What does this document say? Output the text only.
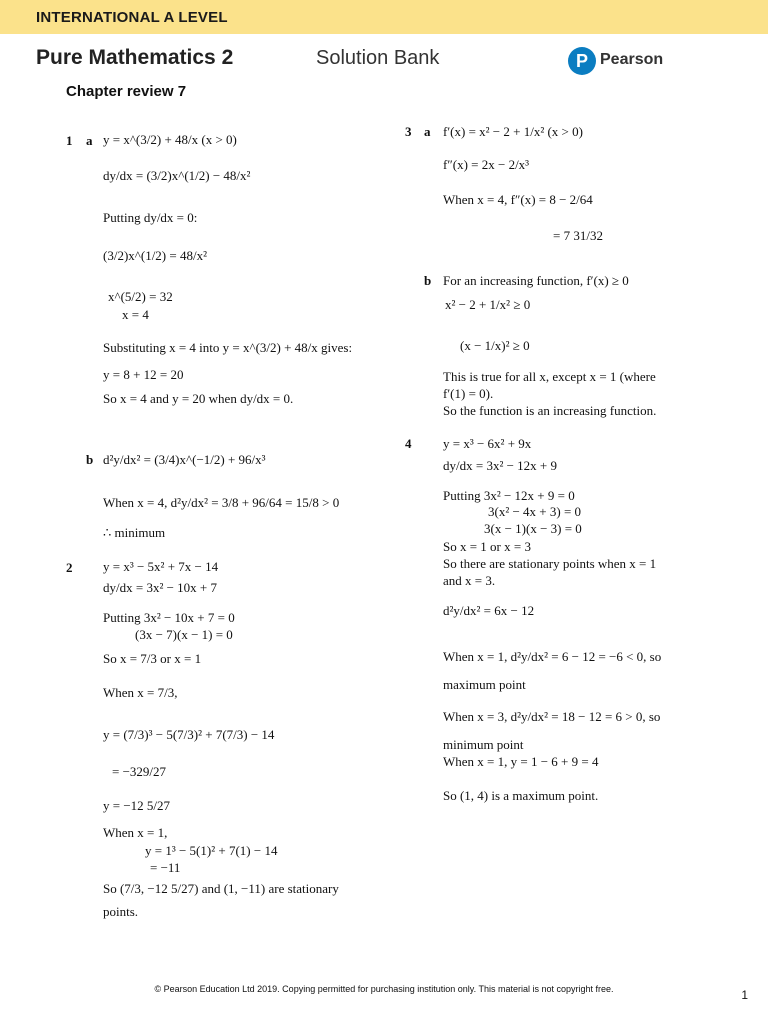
INTERNATIONAL A LEVEL
Pure Mathematics 2	Solution Bank	P Pearson
Chapter review 7
1 a y = x^(3/2) + 48/x (x > 0)
dy/dx = (3/2)x^(1/2) − 48/x²
Putting dy/dx = 0:
(3/2)x^(1/2) = 48/x²
x^(5/2) = 32
x = 4
Substituting x = 4 into y = x^(3/2) + 48/x gives:
y = 8 + 12 = 20
So x = 4 and y = 20 when dy/dx = 0.
b d²y/dx² = (3/4)x^(−1/2) + 96/x³
When x = 4, d²y/dx² = 3/8 + 96/64 = 15/8 > 0
∴ minimum
2 y = x³ − 5x² + 7x − 14
dy/dx = 3x² − 10x + 7
Putting 3x² − 10x + 7 = 0
(3x − 7)(x − 1) = 0
So x = 7/3 or x = 1
When x = 7/3,
y = (7/3)³ − 5(7/3)² + 7(7/3) − 14
= −329/27
y = −12 5/27
When x = 1,
y = 1³ − 5(1)² + 7(1) − 14
= −11
So (7/3, −12 5/27) and (1, −11) are stationary
points.
3 a f′(x) = x² − 2 + 1/x² (x > 0)
f″(x) = 2x − 2/x³
When x = 4, f″(x) = 8 − 2/64
= 7 31/32
b For an increasing function, f′(x) ≥ 0
x² − 2 + 1/x² ≥ 0
(x − 1/x)² ≥ 0
This is true for all x, except x = 1 (where
f′(1) = 0).
So the function is an increasing function.
4 y = x³ − 6x² + 9x
dy/dx = 3x² − 12x + 9
Putting 3x² − 12x + 9 = 0
3(x² − 4x + 3) = 0
3(x − 1)(x − 3) = 0
So x = 1 or x = 3
So there are stationary points when x = 1
and x = 3.
d²y/dx² = 6x − 12
When x = 1, d²y/dx² = 6 − 12 = −6 < 0, so
maximum point
When x = 3, d²y/dx² = 18 − 12 = 6 > 0, so
minimum point
When x = 1, y = 1 − 6 + 9 = 4
So (1, 4) is a maximum point.
© Pearson Education Ltd 2019. Copying permitted for purchasing institution only. This material is not copyright free.	1
